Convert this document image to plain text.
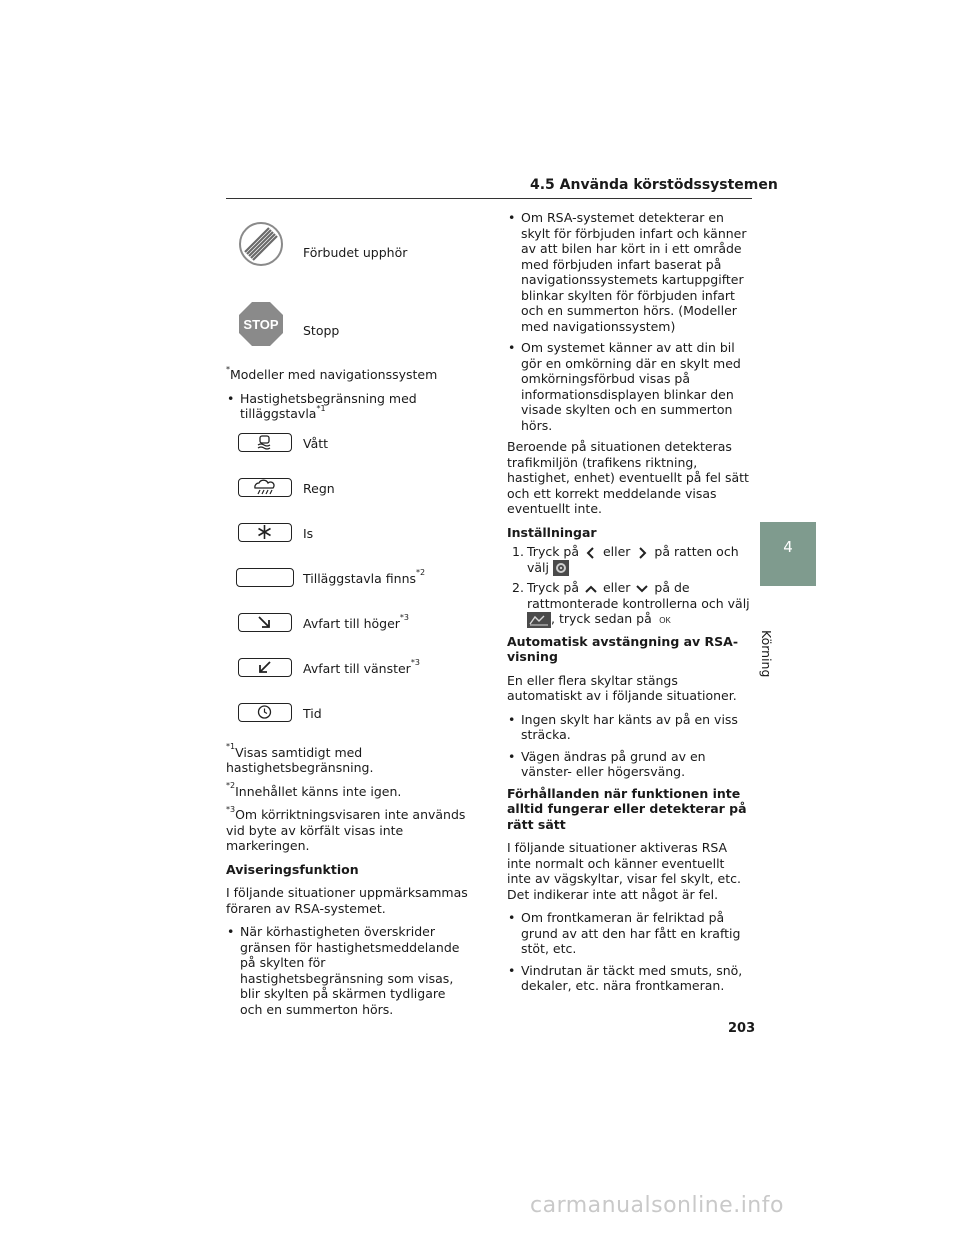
4.5 Använda körstödssystemen
Förbudet upphör
STOP Stopp

*Modeller med navigationssystem

• Hastighetsbegränsning med
tilläggstavla$^{*1}$
Vått
Regn
Is
Tilläggstavla finns$^{*2}$
Avfart till höger$^{*3}$
Avfart till vänster$^{*3}$
Tid

$^{*1}$Visas samtidigt med hastighetsbegränsning.

$^{*2}$Innehållet känns inte igen.

$^{*3}$Om körriktningsvisaren inte används vid byte av körfält visas inte markeringen.

Aviseringsfunktion

I följande situationer uppmärksammas föraren av RSA-systemet.

• När körhastigheten överskrider gränsen för hastighetsmeddelande på skylten för hastighetsbegränsning som visas, blir skylten på skärmen tydligare och en summerton hörs.
• Om RSA-systemet detekterar en skylt för förbjuden infart och känner av att bilen har kört in i ett område med förbjuden infart baserat på navigationssystemets kartuppgifter blinkar skylten för förbjuden infart och en summerton hörs. (Modeller med navigationssystem)
• Om systemet känner av att din bil gör en omkörning där en skylt med omkörningsförbud visas på informationsdisplayen blinkar den visade skylten och en summerton hörs.

Beroende på situationen detekteras trafikmiljön (trafikens riktning, hastighet, enhet) eventuellt på fel sätt och ett korrekt meddelande visas eventuellt inte.

Inställningar

1. Tryck på eller på ratten och välj
2. Tryck på eller på de rattmonterade kontrollerna och välj , tryck sedan på OK

Automatisk avstängning av RSA-visning

En eller flera skyltar stängs automatiskt av i följande situationer.

• Ingen skylt har känts av på en viss sträcka.
• Vägen ändras på grund av en vänster- eller högersväng.

Förhållanden när funktionen inte alltid fungerar eller detekterar på rätt sätt

I följande situationer aktiveras RSA inte normalt och känner eventuellt inte av vägskyltar, visar fel skylt, etc. Det indikerar inte att något är fel.

• Om frontkameran är felriktad på grund av att den har fått en kraftig stöt, etc.
• Vindrutan är täckt med smuts, snö, dekaler, etc. nära frontkameran.
4
Körning
203
carmanualsonline.info
